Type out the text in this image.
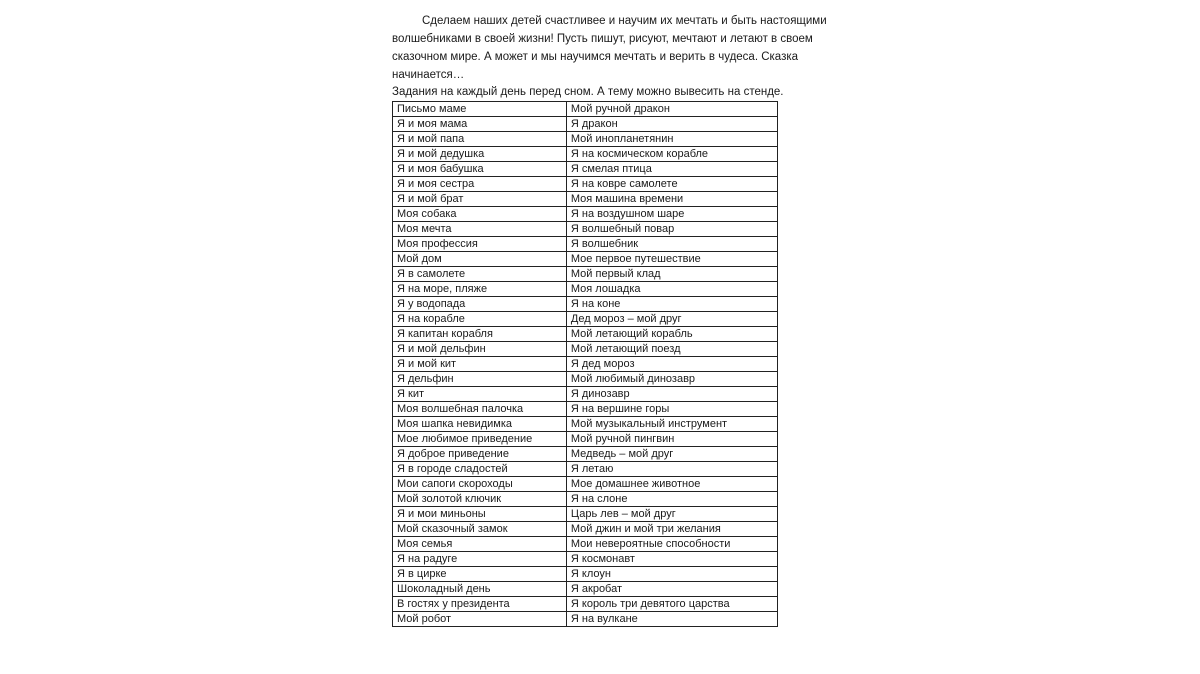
Сделаем наших детей счастливее и научим их мечтать и быть настоящими волшебниками в своей жизни! Пусть пишут, рисуют, мечтают и летают в своем сказочном мире. А может и мы научимся мечтать и верить в чудеса. Сказка начинается…

Задания на каждый день перед сном. А тему можно вывесить на стенде.

Письмо маме	Мой ручной дракон
Я и моя мама	Я дракон
Я и мой папа	Мой инопланетянин
Я и мой дедушка	Я на космическом корабле
Я и моя бабушка	Я смелая птица
Я и моя сестра	Я на ковре самолете
Я и мой брат	Моя машина времени
Моя собака	Я на воздушном шаре
Моя мечта	Я волшебный повар
Моя профессия	Я волшебник
Мой дом	Мое первое путешествие
Я в самолете	Мой первый клад
Я на море, пляже	Моя лошадка
Я у водопада	Я на коне
Я на корабле	Дед мороз – мой друг
Я капитан корабля	Мой летающий корабль
Я и мой дельфин	Мой летающий поезд
Я и мой кит	Я дед мороз
Я дельфин	Мой любимый динозавр
Я кит	Я динозавр
Моя волшебная палочка	Я на вершине горы
Моя шапка невидимка	Мой музыкальный инструмент
Мое любимое приведение	Мой ручной пингвин
Я доброе приведение	Медведь – мой друг
Я в городе сладостей	Я летаю
Мои сапоги скороходы	Мое домашнее животное
Мой золотой ключик	Я на слоне
Я и мои миньоны	Царь лев – мой друг
Мой сказочный замок	Мой джин и мой три желания
Моя семья	Мои невероятные способности
Я на радуге	Я космонавт
Я в цирке	Я клоун
Шоколадный день	Я акробат
В гостях у президента	Я король три девятого царства
Мой робот	Я на вулкане
